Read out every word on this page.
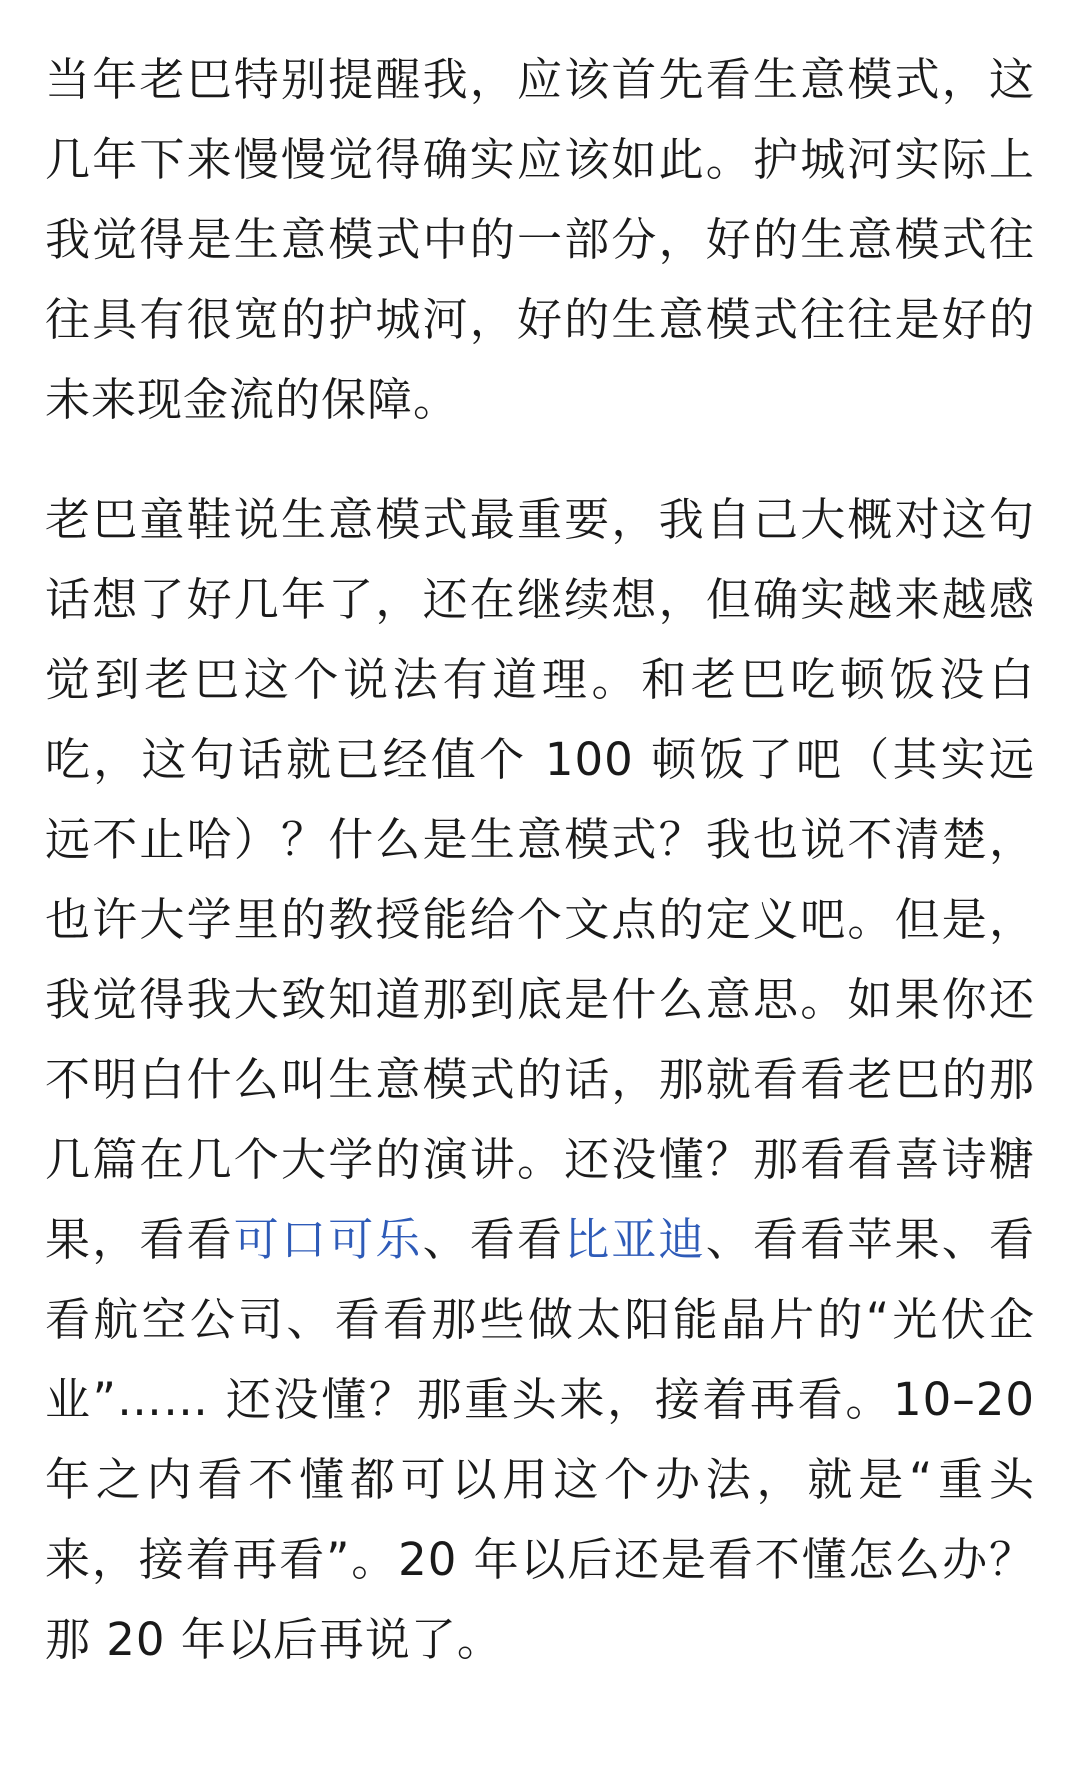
当年老巴特别提醒我，应该首先看生意模式，这几年下来慢慢觉得确实应该如此。护城河实际上我觉得是生意模式中的一部分，好的生意模式往往具有很宽的护城河，好的生意模式往往是好的未来现金流的保障。

老巴童鞋说生意模式最重要，我自己大概对这句话想了好几年了，还在继续想，但确实越来越感觉到老巴这个说法有道理。和老巴吃顿饭没白吃，这句话就已经值个 100 顿饭了吧（其实远远不止哈）？什么是生意模式？我也说不清楚，也许大学里的教授能给个文点的定义吧。但是，我觉得我大致知道那到底是什么意思。如果你还不明白什么叫生意模式的话，那就看看老巴的那几篇在几个大学的演讲。还没懂？那看看喜诗糖果，看看可口可乐、看看比亚迪、看看苹果、看看航空公司、看看那些做太阳能晶片的“光伏企业”…… 还没懂？那重头来，接着再看。10–20 年之内看不懂都可以用这个办法，就是“重头来，接着再看”。20 年以后还是看不懂怎么办？那 20 年以后再说了。
